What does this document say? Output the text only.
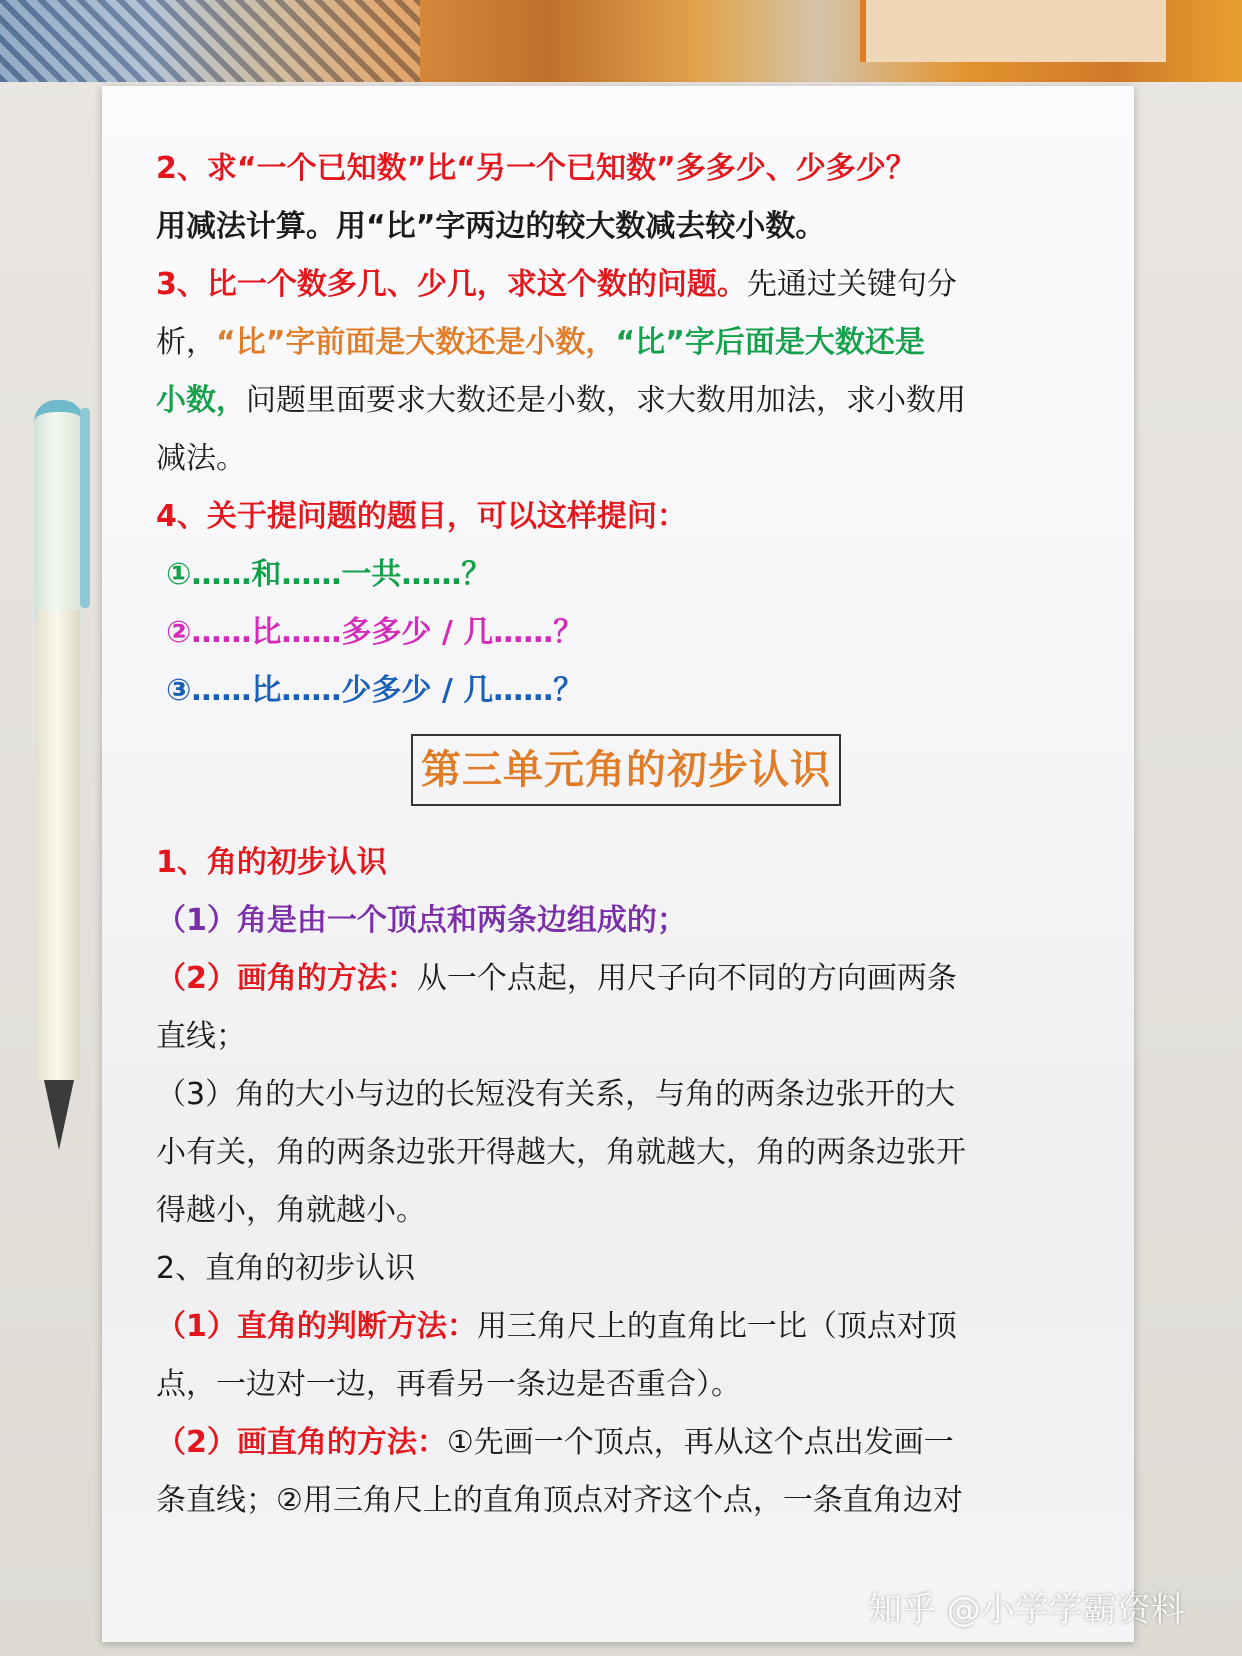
2、求“一个已知数”比“另一个已知数”多多少、少多少？
用减法计算。用“比”字两边的较大数减去较小数。
3、比一个数多几、少几，求这个数的问题。先通过关键句分
析，“比”字前面是大数还是小数，“比”字后面是大数还是
小数，问题里面要求大数还是小数，求大数用加法，求小数用
减法。
4、关于提问题的题目，可以这样提问：
①……和……一共……？
②……比……多多少 / 几……？
③……比……少多少 / 几……？
第三单元角的初步认识
1、角的初步认识
（1）角是由一个顶点和两条边组成的；
（2）画角的方法：从一个点起，用尺子向不同的方向画两条
直线；
（3）角的大小与边的长短没有关系，与角的两条边张开的大
小有关，角的两条边张开得越大，角就越大，角的两条边张开
得越小，角就越小。
2、直角的初步认识
（1）直角的判断方法：用三角尺上的直角比一比（顶点对顶
点，一边对一边，再看另一条边是否重合）。
（2）画直角的方法：①先画一个顶点，再从这个点出发画一
条直线；②用三角尺上的直角顶点对齐这个点，一条直角边对
知乎 @小学学霸资料
